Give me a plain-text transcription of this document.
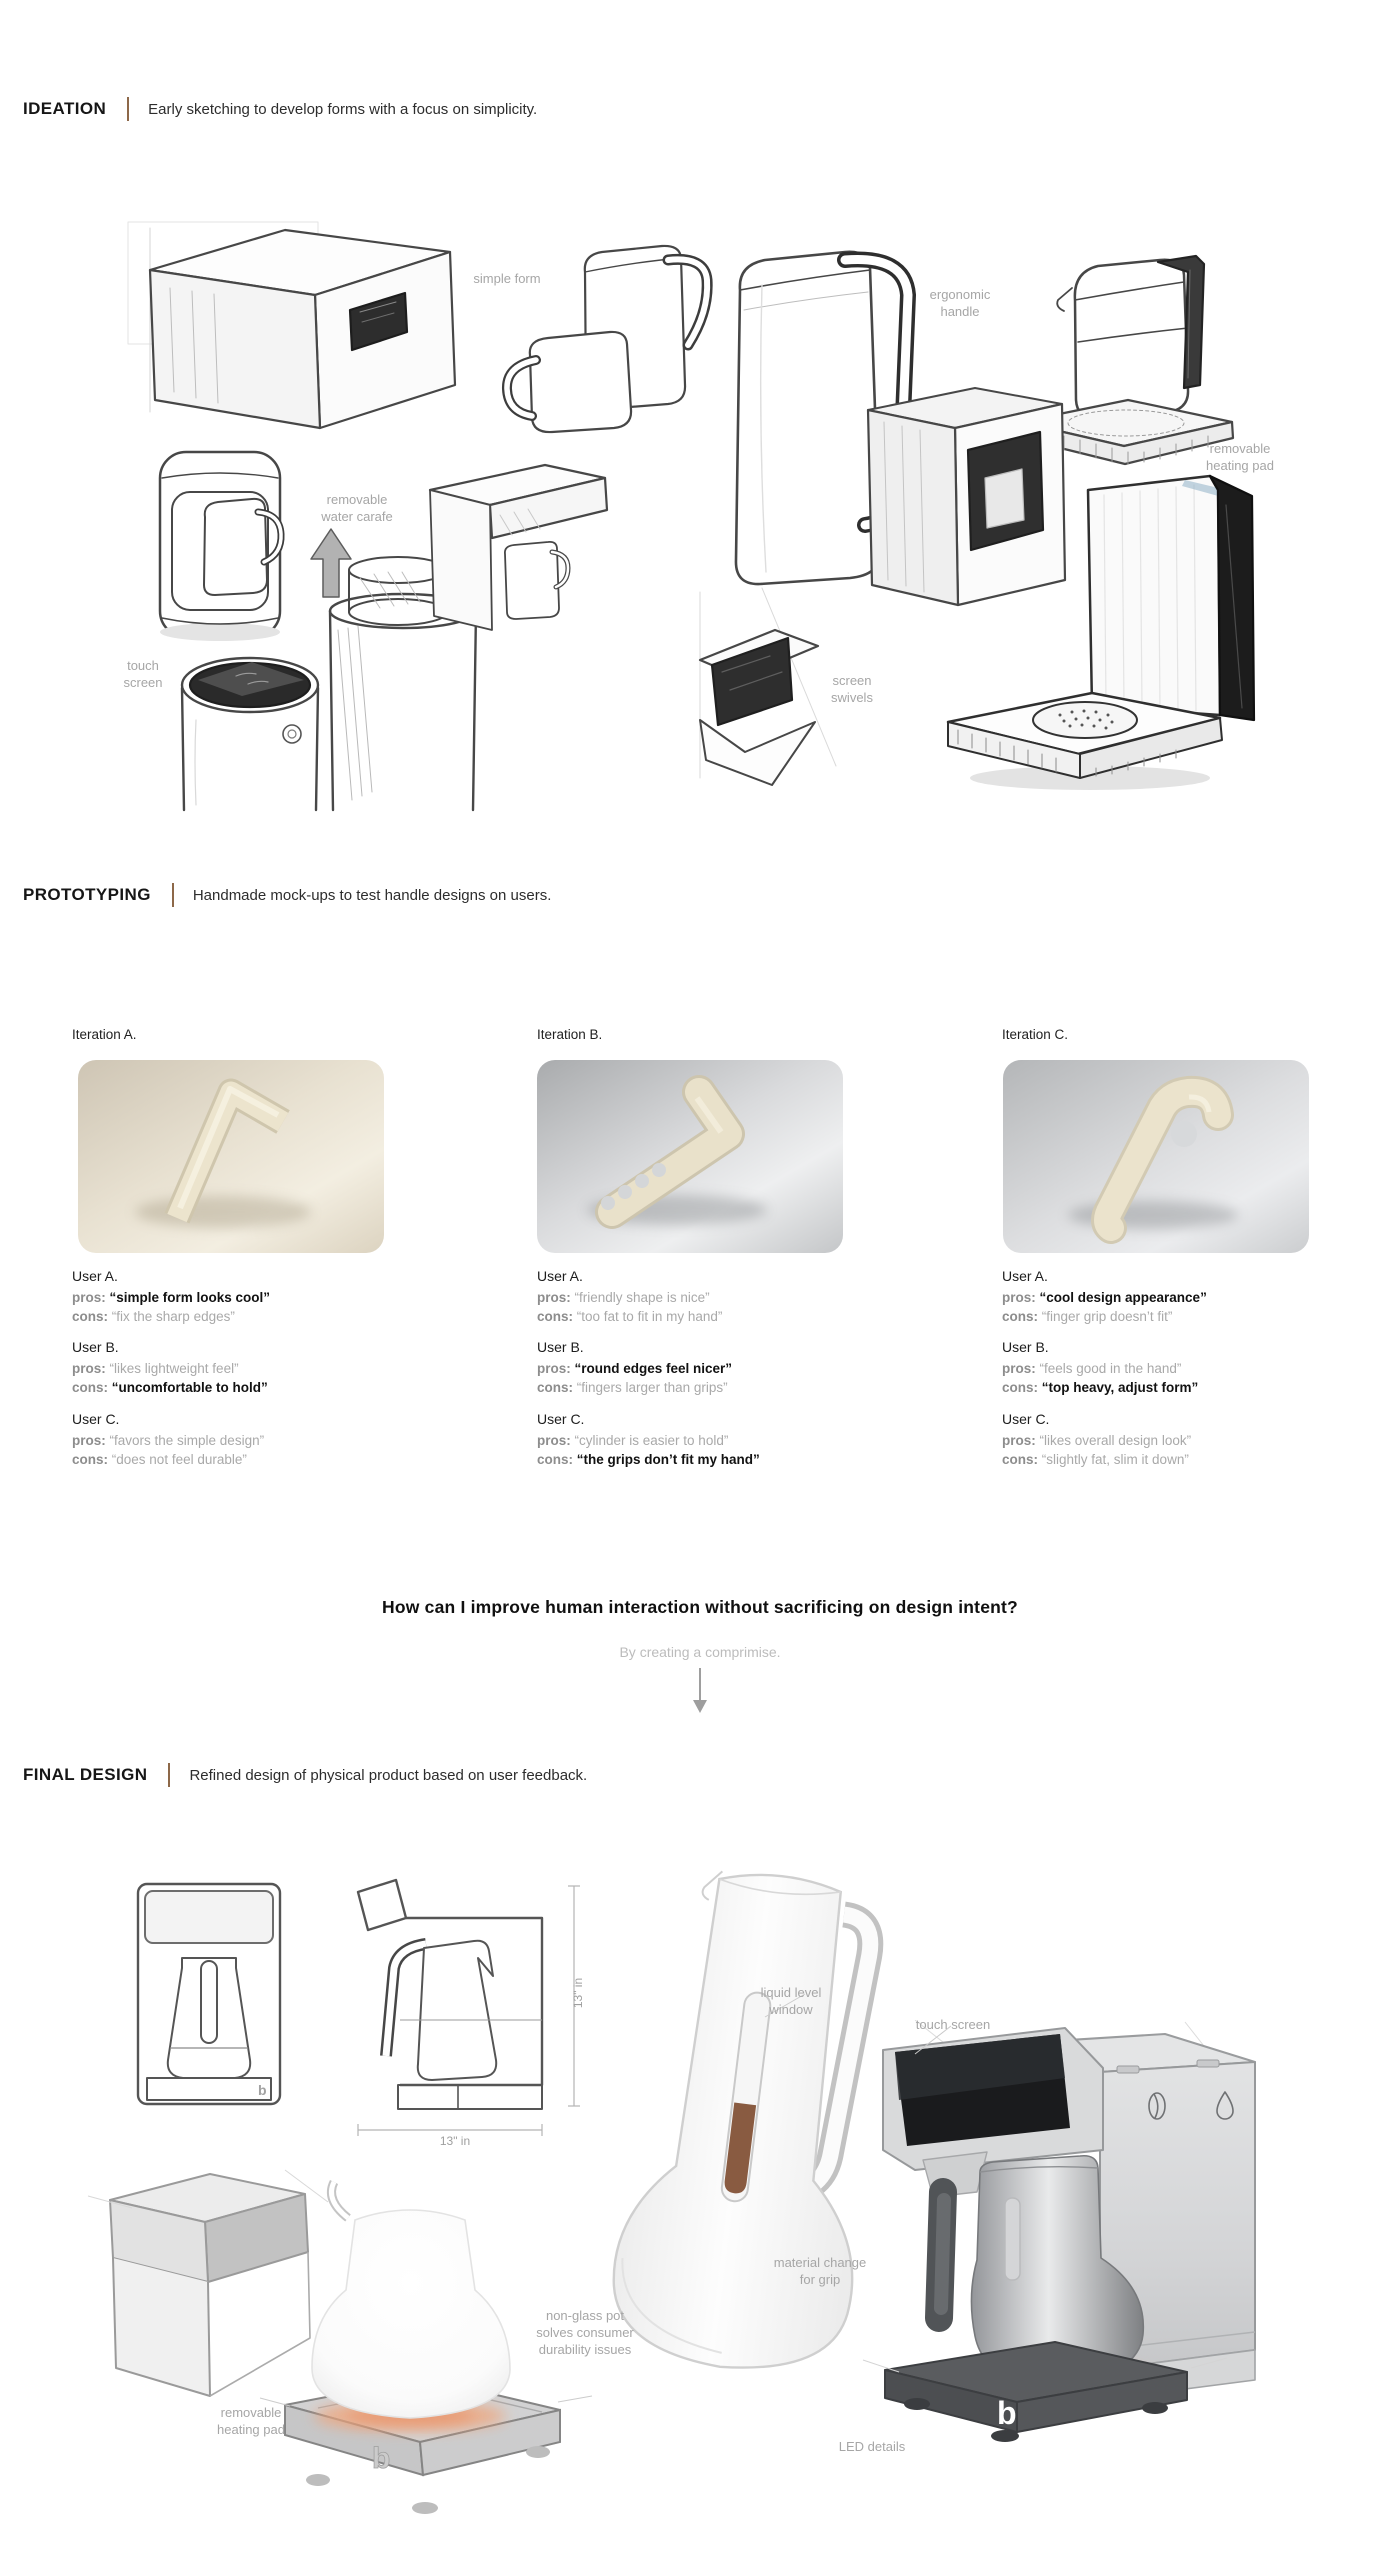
IDEATION	Early sketching to develop forms with a focus on simplicity.
simple form
ergonomic
handle
removable
heating pad
removable
water carafe
touch
screen	screen
swivels
PROTOTYPING	Handmade mock-ups to test handle designs on users.
Iteration A.	Iteration B.	Iteration C.
User A.
pros: “simple form looks cool”
cons: “fix the sharp edges”
User B.
pros: “likes lightweight feel”
cons: “uncomfortable to hold”
User C.
pros: “favors the simple design”
cons: “does not feel durable”
User A.
pros: “friendly shape is nice”
cons: “too fat to fit in my hand”
User B.
pros: “round edges feel nicer”
cons: “fingers larger than grips”
User C.
pros: “cylinder is easier to hold”
cons: “the grips don’t fit my hand”
User A.
pros: “cool design appearance”
cons: “finger grip doesn’t fit”
User B.
pros: “feels good in the hand”
cons: “top heavy, adjust form”
User C.
pros: “likes overall design look”
cons: “slightly fat, slim it down”
How can I improve human interaction without sacrificing on design intent?
By creating a comprimise.
FINAL DESIGN	Refined design of physical product based on user feedback.
b
13" in
13" in
b
b
liquid level
window
touch screen
material change
for grip
non-glass pot
solves consumer
durability issues
removable
heating pad
LED details
